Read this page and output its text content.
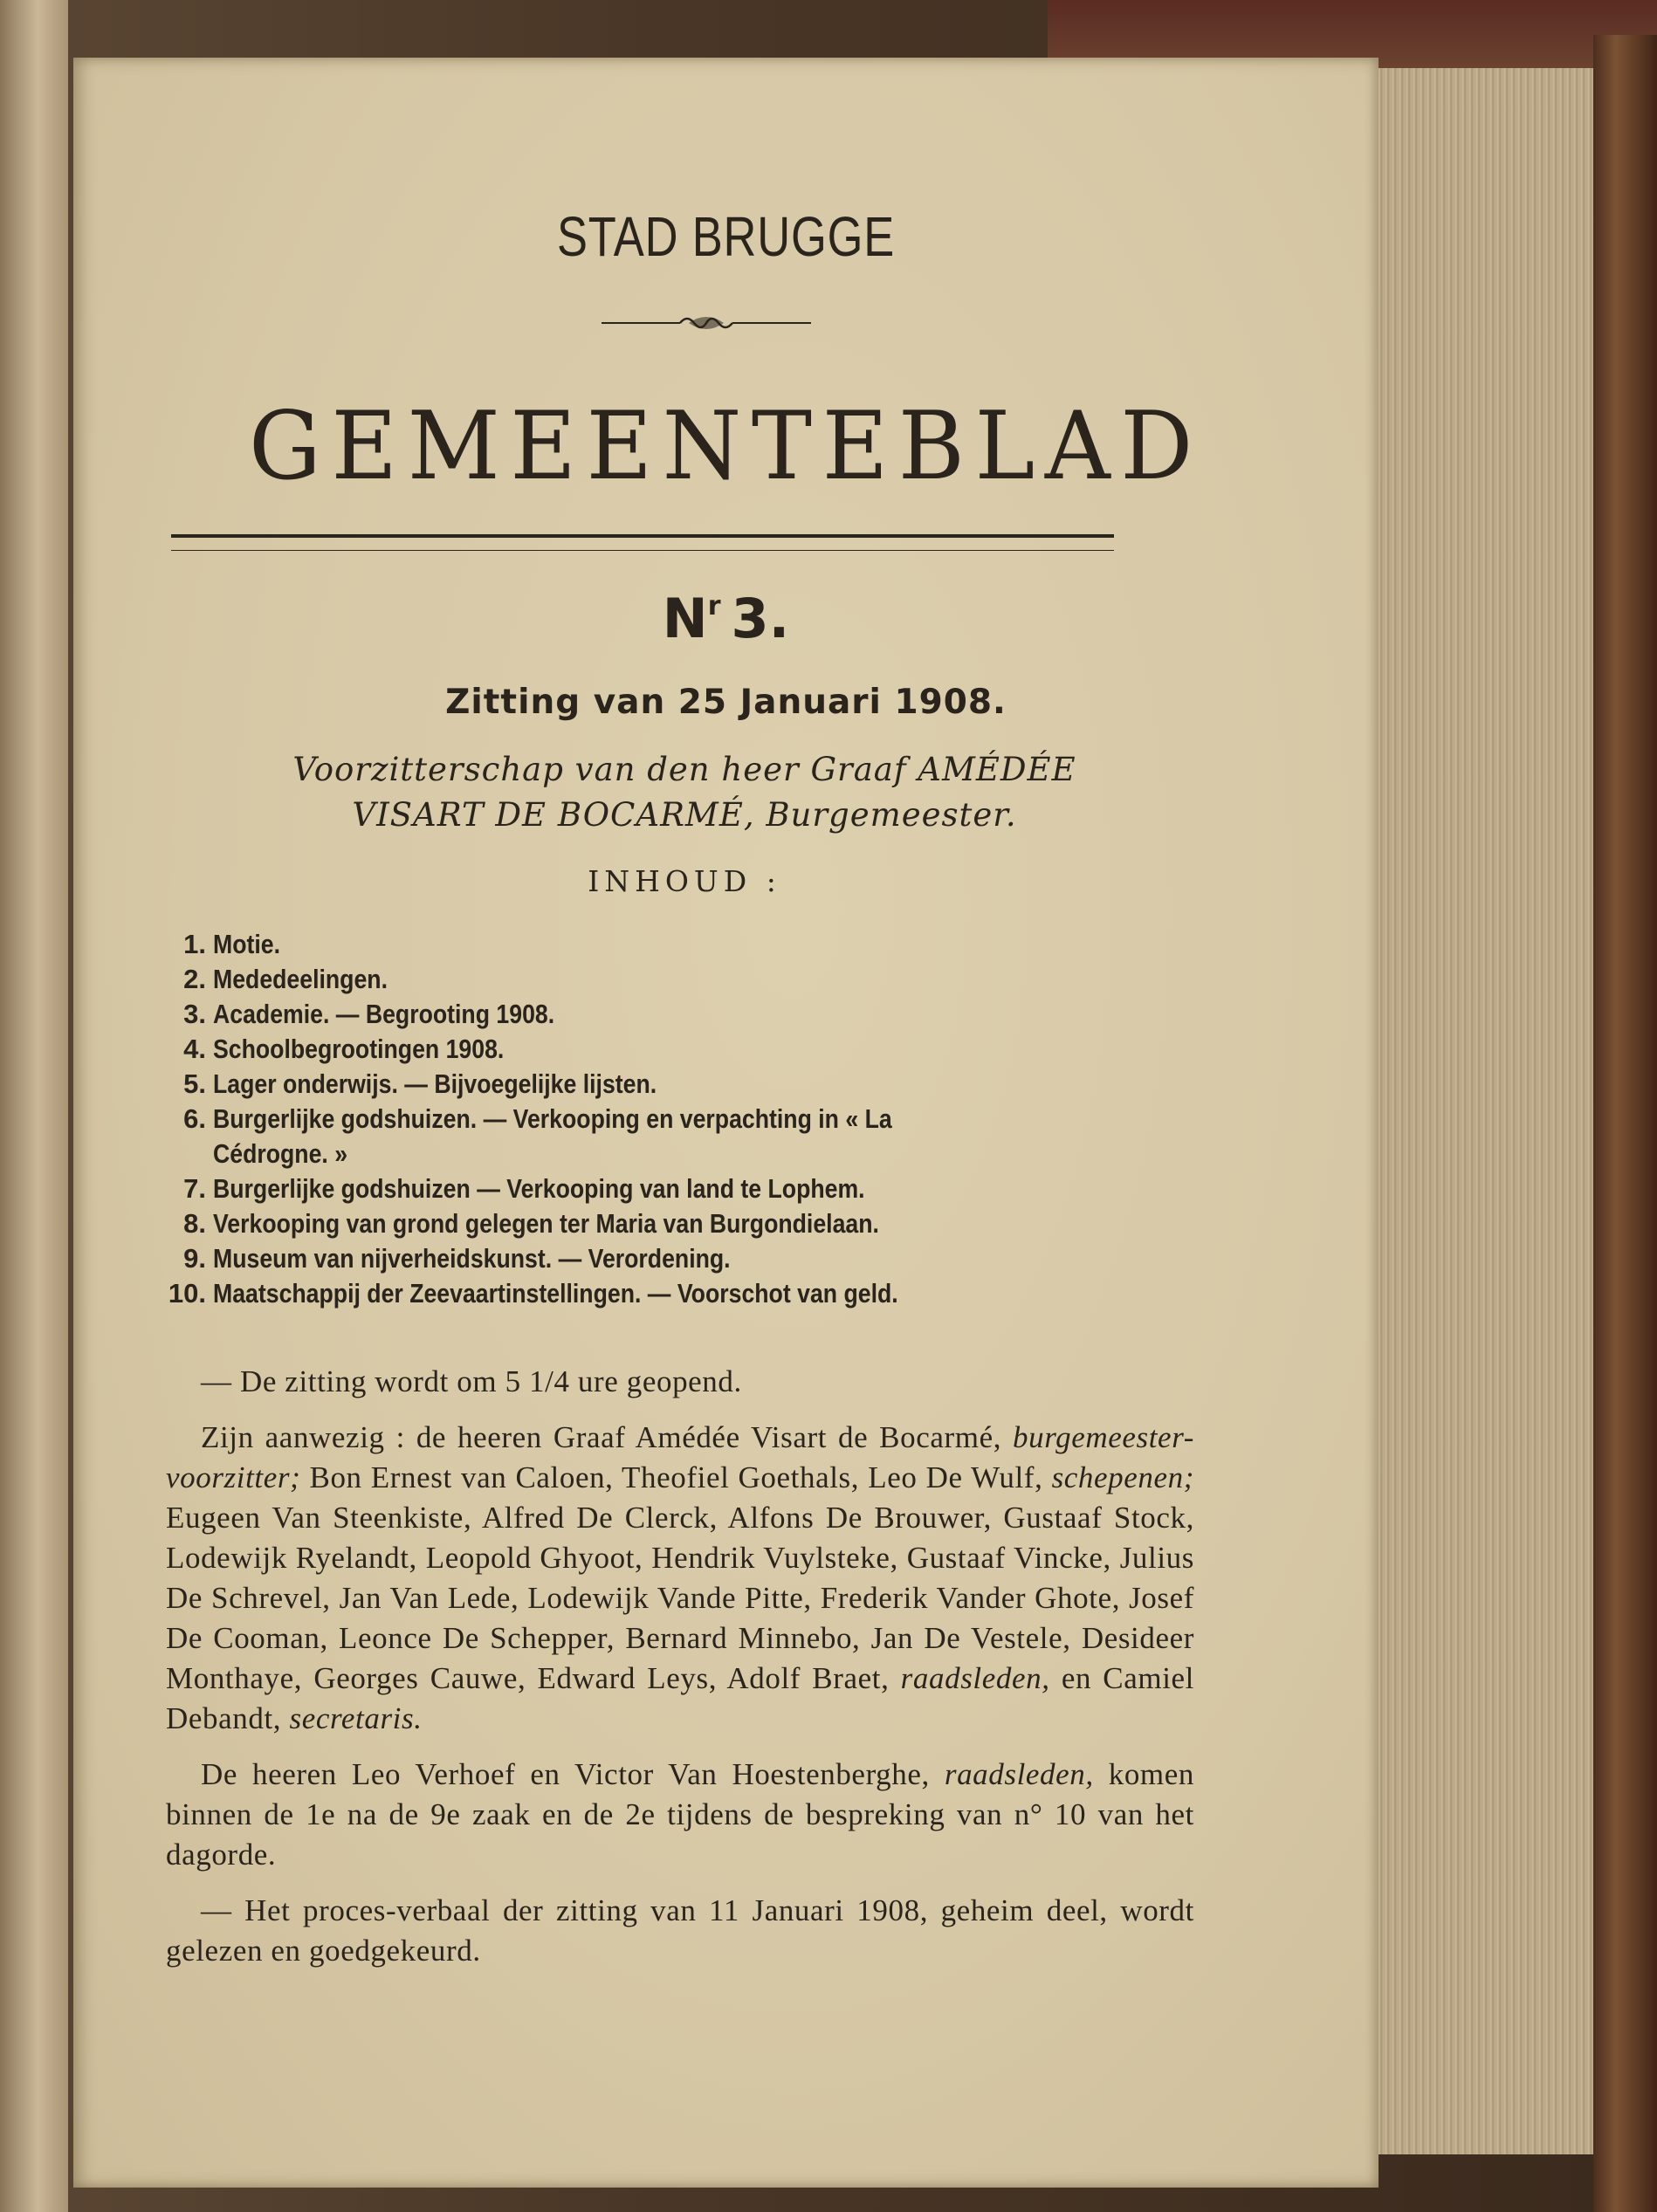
STAD BRUGGE
GEMEENTEBLAD
$N^r$ 3.
Zitting van 25 Januari 1908.
Voorzitterschap van den heer Graaf AMÉDÉE
VISART DE BOCARMÉ, Burgemeester.
INHOUD :
1. Motie.
2. Mededeelingen.
3. Academie. — Begrooting 1908.
4. Schoolbegrootingen 1908.
5. Lager onderwijs. — Bijvoegelijke lijsten.
6. Burgerlijke godshuizen. — Verkooping en verpachting in « La
Cédrogne. »
7. Burgerlijke godshuizen — Verkooping van land te Lophem.
8. Verkooping van grond gelegen ter Maria van Burgondielaan.
9. Museum van nijverheidskunst. — Verordening.
10. Maatschappij der Zeevaartinstellingen. — Voorschot van geld.

— De zitting wordt om 5 1/4 ure geopend.

Zijn aanwezig : de heeren Graaf Amédée Visart de Bocarmé, burgemeester-voorzitter; Bon Ernest van Caloen, Theofiel Goethals, Leo De Wulf, schepenen; Eugeen Van Steenkiste, Alfred De Clerck, Alfons De Brouwer, Gustaaf Stock, Lodewijk Ryelandt, Leopold Ghyoot, Hendrik Vuylsteke, Gustaaf Vincke, Julius De Schrevel, Jan Van Lede, Lodewijk Vande Pitte, Frederik Vander Ghote, Josef De Cooman, Leonce De Schepper, Bernard Minnebo, Jan De Vestele, Desideer Monthaye, Georges Cauwe, Edward Leys, Adolf Braet, raadsleden, en Camiel Debandt, secretaris.

De heeren Leo Verhoef en Victor Van Hoestenberghe, raadsleden, komen binnen de 1e na de 9e zaak en de 2e tijdens de bespreking van n° 10 van het dagorde.

— Het proces-verbaal der zitting van 11 Januari 1908, geheim deel, wordt gelezen en goedgekeurd.
